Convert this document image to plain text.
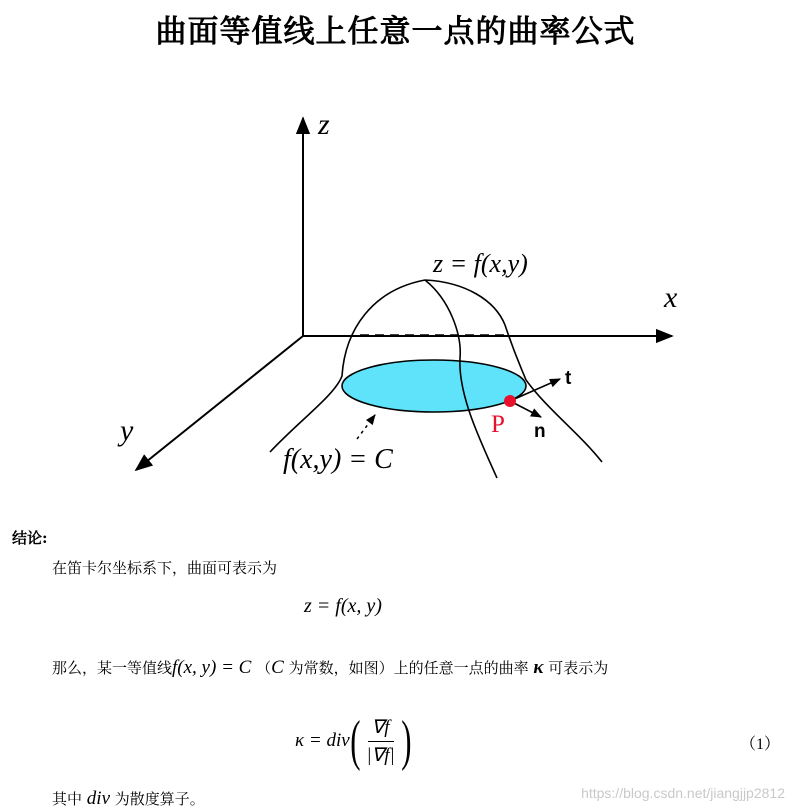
曲面等值线上任意一点的曲率公式
z
x
y
z = f(x,y)
f(x,y) = C
P
t
n
结论:
在笛卡尔坐标系下，曲面可表示为
z = f(x, y)
那么，某一等值线f(x, y) = C （C 为常数，如图）上的任意一点的曲率 κ 可表示为
κ = div ( $\frac{\nabla f}{|\nabla f|}$ )	（1）
其中 div 为散度算子。	https://blog.csdn.net/jiangjjp2812
